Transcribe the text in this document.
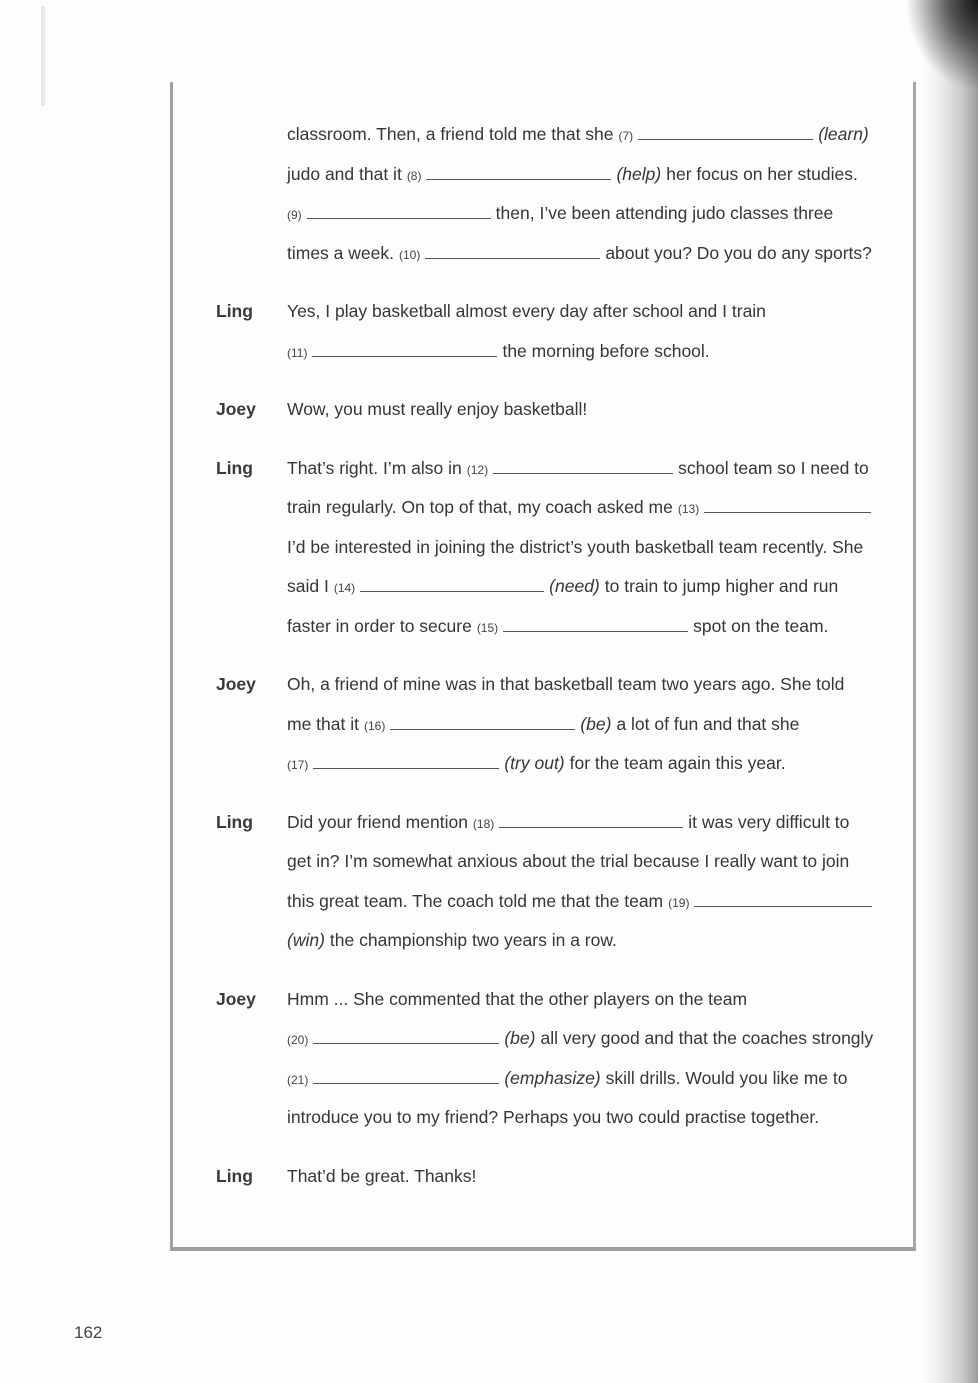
classroom. Then, a friend told me that she (7)	(learn)
judo and that it (8)	(help) her focus on her studies.
(9)	then, I’ve been attending judo classes three
times a week. (10)	about you? Do you do any sports?
Ling	Yes, I play basketball almost every day after school and I train
(11)	the morning before school.
Joey	Wow, you must really enjoy basketball!
Ling	That’s right. I’m also in (12)	school team so I need to
train regularly. On top of that, my coach asked me (13)
I’d be interested in joining the district’s youth basketball team recently. She
said I (14)	(need) to train to jump higher and run
faster in order to secure (15)	spot on the team.
Joey	Oh, a friend of mine was in that basketball team two years ago. She told
me that it (16)	(be) a lot of fun and that she
(17)	(try out) for the team again this year.
Ling	Did your friend mention (18)	it was very difficult to
get in? I’m somewhat anxious about the trial because I really want to join
this great team. The coach told me that the team (19)
(win) the championship two years in a row.
Joey	Hmm ... She commented that the other players on the team
(20)	(be) all very good and that the coaches strongly
(21)	(emphasize) skill drills. Would you like me to
introduce you to my friend? Perhaps you two could practise together.
Ling	That’d be great. Thanks!
162
